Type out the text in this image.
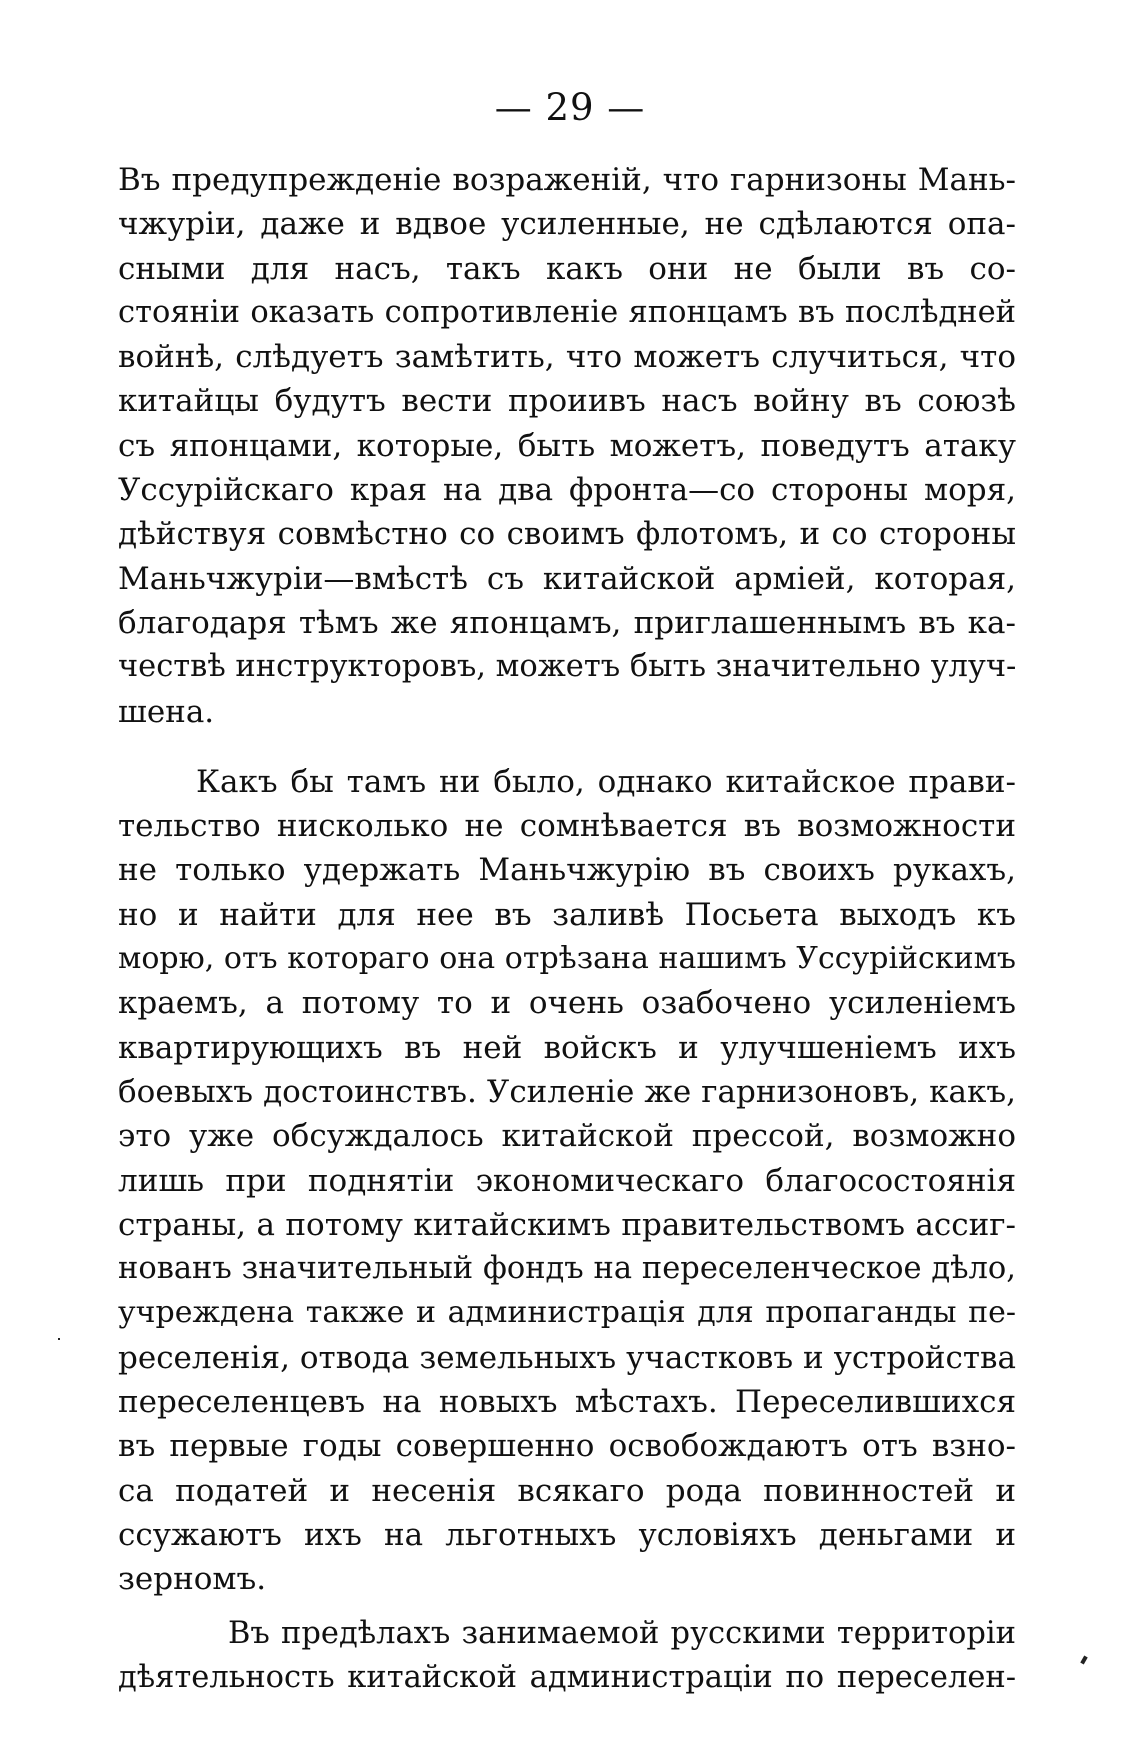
— 29 —
Въ предупрежденіе возраженій, что гарнизоны Мань-
чжуріи, даже и вдвое усиленные, не сдѣлаются опа-
сными для насъ, такъ какъ они не были въ со-
стояніи оказать сопротивленіе японцамъ въ послѣдней
войнѣ, слѣдуетъ замѣтить, что можетъ случиться, что
китайцы будутъ вести проиивъ насъ войну въ союзѣ
съ японцами, которые, быть можетъ, поведутъ атаку
Уссурійскаго края на два фронта—со стороны моря,
дѣйствуя совмѣстно со своимъ флотомъ, и со стороны
Маньчжуріи—вмѣстѣ съ китайской арміей, которая,
благодаря тѣмъ же японцамъ, приглашеннымъ въ ка-
чествѣ инструкторовъ, можетъ быть значительно улуч-
шена.
Какъ бы тамъ ни было, однако китайское прави-
тельство нисколько не сомнѣвается въ возможности
не только удержать Маньчжурію въ своихъ рукахъ,
но и найти для нее въ заливѣ Посьета выходъ къ
морю, отъ котораго она отрѣзана нашимъ Уссурійскимъ
краемъ, а потому то и очень озабочено усиленіемъ
квартирующихъ въ ней войскъ и улучшеніемъ ихъ
боевыхъ достоинствъ. Усиленіе же гарнизоновъ, какъ,
это уже обсуждалось китайской прессой, возможно
лишь при поднятіи экономическаго благосостоянія
страны, а потому китайскимъ правительствомъ ассиг-
нованъ значительный фондъ на переселенческое дѣло,
учреждена также и администрація для пропаганды пе-
реселенія, отвода земельныхъ участковъ и устройства
переселенцевъ на новыхъ мѣстахъ. Переселившихся
въ первые годы совершенно освобождаютъ отъ взно-
са податей и несенія всякаго рода повинностей и
ссужаютъ ихъ на льготныхъ условіяхъ деньгами и
зерномъ.
Въ предѣлахъ занимаемой русскими территоріи
дѣятельность китайской администраціи по переселен-
